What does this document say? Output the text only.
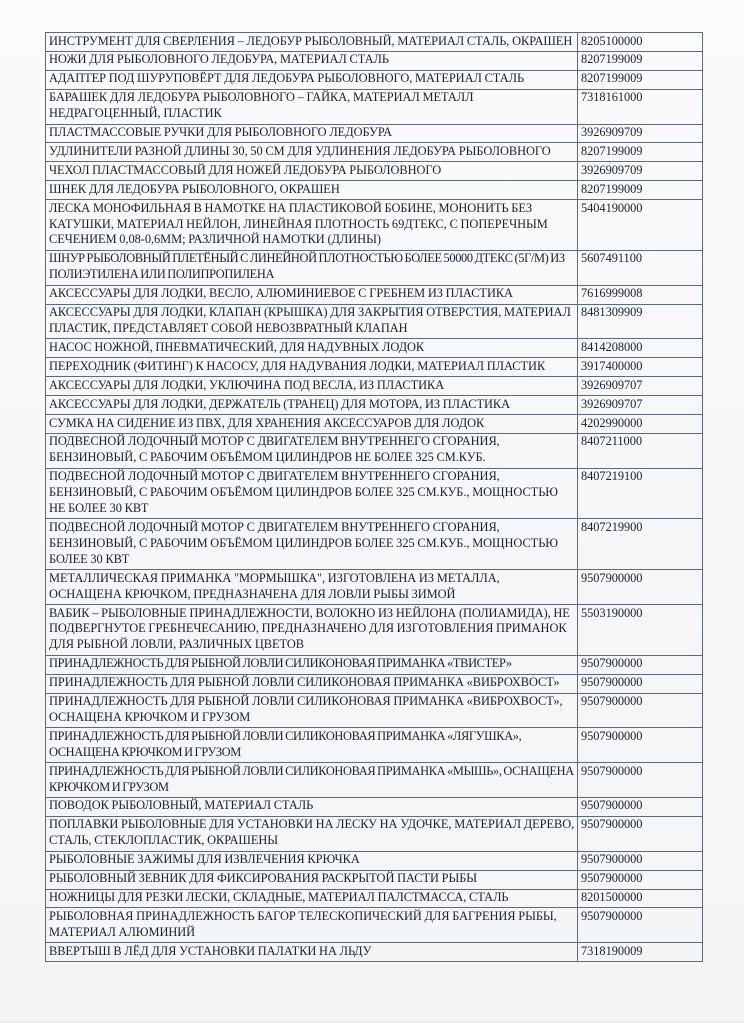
ИНСТРУМЕНТ ДЛЯ СВЕРЛЕНИЯ – ЛЕДОБУР РЫБОЛОВНЫЙ, МАТЕРИАЛ СТАЛЬ, ОКРАШЕН	8205100000
НОЖИ ДЛЯ РЫБОЛОВНОГО ЛЕДОБУРА, МАТЕРИАЛ СТАЛЬ	8207199009
АДАПТЕР ПОД ШУРУПОВЁРТ ДЛЯ ЛЕДОБУРА РЫБОЛОВНОГО, МАТЕРИАЛ СТАЛЬ	8207199009
БАРАШЕК ДЛЯ ЛЕДОБУРА РЫБОЛОВНОГО – ГАЙКА, МАТЕРИАЛ МЕТАЛЛ НЕДРАГОЦЕННЫЙ, ПЛАСТИК	7318161000
ПЛАСТМАССОВЫЕ РУЧКИ ДЛЯ РЫБОЛОВНОГО ЛЕДОБУРА	3926909709
УДЛИНИТЕЛИ РАЗНОЙ ДЛИНЫ 30, 50 СМ ДЛЯ УДЛИНЕНИЯ ЛЕДОБУРА РЫБОЛОВНОГО	8207199009
ЧЕХОЛ ПЛАСТМАССОВЫЙ ДЛЯ НОЖЕЙ ЛЕДОБУРА РЫБОЛОВНОГО	3926909709
ШНЕК ДЛЯ ЛЕДОБУРА РЫБОЛОВНОГО, ОКРАШЕН	8207199009
ЛЕСКА МОНОФИЛЬНАЯ В НАМОТКЕ НА ПЛАСТИКОВОЙ БОБИНЕ, МОНОНИТЬ БЕЗ КАТУШКИ, МАТЕРИАЛ НЕЙЛОН, ЛИНЕЙНАЯ ПЛОТНОСТЬ 69ДТЕКС, С ПОПЕРЕЧНЫМ СЕЧЕНИЕМ 0,08-0,6ММ; РАЗЛИЧНОЙ НАМОТКИ (ДЛИНЫ)	5404190000
ШНУР РЫБОЛОВНЫЙ ПЛЕТЁНЫЙ С ЛИНЕЙНОЙ ПЛОТНОСТЬЮ БОЛЕЕ 50000 ДТЕКС (5Г/М) ИЗ ПОЛИЭТИЛЕНА ИЛИ ПОЛИПРОПИЛЕНА	5607491100
АКСЕССУАРЫ ДЛЯ ЛОДКИ, ВЕСЛО, АЛЮМИНИЕВОЕ С ГРЕБНЕМ ИЗ ПЛАСТИКА	7616999008
АКСЕССУАРЫ ДЛЯ ЛОДКИ, КЛАПАН (КРЫШКА) ДЛЯ ЗАКРЫТИЯ ОТВЕРСТИЯ, МАТЕРИАЛ ПЛАСТИК, ПРЕДСТАВЛЯЕТ СОБОЙ НЕВОЗВРАТНЫЙ КЛАПАН	8481309909
НАСОС НОЖНОЙ, ПНЕВМАТИЧЕСКИЙ, ДЛЯ НАДУВНЫХ ЛОДОК	8414208000
ПЕРЕХОДНИК (ФИТИНГ) К НАСОСУ, ДЛЯ НАДУВАНИЯ ЛОДКИ, МАТЕРИАЛ ПЛАСТИК	3917400000
АКСЕССУАРЫ ДЛЯ ЛОДКИ, УКЛЮЧИНА ПОД ВЕСЛА, ИЗ ПЛАСТИКА	3926909707
АКСЕССУАРЫ ДЛЯ ЛОДКИ, ДЕРЖАТЕЛЬ (ТРАНЕЦ) ДЛЯ МОТОРА, ИЗ ПЛАСТИКА	3926909707
СУМКА НА СИДЕНИЕ ИЗ ПВХ, ДЛЯ ХРАНЕНИЯ АКСЕССУАРОВ ДЛЯ ЛОДОК	4202990000
ПОДВЕСНОЙ ЛОДОЧНЫЙ МОТОР С ДВИГАТЕЛЕМ ВНУТРЕННЕГО СГОРАНИЯ, БЕНЗИНОВЫЙ, С РАБОЧИМ ОБЪЁМОМ ЦИЛИНДРОВ НЕ БОЛЕЕ 325 СМ.КУБ.	8407211000
ПОДВЕСНОЙ ЛОДОЧНЫЙ МОТОР С ДВИГАТЕЛЕМ ВНУТРЕННЕГО СГОРАНИЯ, БЕНЗИНОВЫЙ, С РАБОЧИМ ОБЪЁМОМ ЦИЛИНДРОВ БОЛЕЕ 325 СМ.КУБ., МОЩНОСТЬЮ НЕ БОЛЕЕ 30 КВТ	8407219100
ПОДВЕСНОЙ ЛОДОЧНЫЙ МОТОР С ДВИГАТЕЛЕМ ВНУТРЕННЕГО СГОРАНИЯ, БЕНЗИНОВЫЙ, С РАБОЧИМ ОБЪЁМОМ ЦИЛИНДРОВ БОЛЕЕ 325 СМ.КУБ., МОЩНОСТЬЮ БОЛЕЕ 30 КВТ	8407219900
МЕТАЛЛИЧЕСКАЯ ПРИМАНКА "МОРМЫШКА", ИЗГОТОВЛЕНА ИЗ МЕТАЛЛА, ОСНАЩЕНА КРЮЧКОМ, ПРЕДНАЗНАЧЕНА ДЛЯ ЛОВЛИ РЫБЫ ЗИМОЙ	9507900000
ВАБИК – РЫБОЛОВНЫЕ ПРИНАДЛЕЖНОСТИ, ВОЛОКНО ИЗ НЕЙЛОНА (ПОЛИАМИДА), НЕ ПОДВЕРГНУТОЕ ГРЕБНЕЧЕСАНИЮ, ПРЕДНАЗНАЧЕНО ДЛЯ ИЗГОТОВЛЕНИЯ ПРИМАНОК ДЛЯ РЫБНОЙ ЛОВЛИ, РАЗЛИЧНЫХ ЦВЕТОВ	5503190000
ПРИНАДЛЕЖНОСТЬ ДЛЯ РЫБНОЙ ЛОВЛИ СИЛИКОНОВАЯ ПРИМАНКА «ТВИСТЕР»	9507900000
ПРИНАДЛЕЖНОСТЬ ДЛЯ РЫБНОЙ ЛОВЛИ СИЛИКОНОВАЯ ПРИМАНКА «ВИБРОХВОСТ»	9507900000
ПРИНАДЛЕЖНОСТЬ ДЛЯ РЫБНОЙ ЛОВЛИ СИЛИКОНОВАЯ ПРИМАНКА «ВИБРОХВОСТ», ОСНАЩЕНА КРЮЧКОМ И ГРУЗОМ	9507900000
ПРИНАДЛЕЖНОСТЬ ДЛЯ РЫБНОЙ ЛОВЛИ СИЛИКОНОВАЯ ПРИМАНКА «ЛЯГУШКА», ОСНАЩЕНА КРЮЧКОМ И ГРУЗОМ	9507900000
ПРИНАДЛЕЖНОСТЬ ДЛЯ РЫБНОЙ ЛОВЛИ СИЛИКОНОВАЯ ПРИМАНКА «МЫШЬ», ОСНАЩЕНА КРЮЧКОМ И ГРУЗОМ	9507900000
ПОВОДОК РЫБОЛОВНЫЙ, МАТЕРИАЛ СТАЛЬ	9507900000
ПОПЛАВКИ РЫБОЛОВНЫЕ ДЛЯ УСТАНОВКИ НА ЛЕСКУ НА УДОЧКЕ, МАТЕРИАЛ ДЕРЕВО, СТАЛЬ, СТЕКЛОПЛАСТИК, ОКРАШЕНЫ	9507900000
РЫБОЛОВНЫЕ ЗАЖИМЫ ДЛЯ ИЗВЛЕЧЕНИЯ КРЮЧКА	9507900000
РЫБОЛОВНЫЙ ЗЕВНИК ДЛЯ ФИКСИРОВАНИЯ РАСКРЫТОЙ ПАСТИ РЫБЫ	9507900000
НОЖНИЦЫ ДЛЯ РЕЗКИ ЛЕСКИ, СКЛАДНЫЕ, МАТЕРИАЛ ПАЛСТМАССА, СТАЛЬ	8201500000
РЫБОЛОВНАЯ ПРИНАДЛЕЖНОСТЬ БАГОР ТЕЛЕСКОПИЧЕСКИЙ ДЛЯ БАГРЕНИЯ РЫБЫ, МАТЕРИАЛ АЛЮМИНИЙ	9507900000
ВВЕРТЫШ В ЛЁД ДЛЯ УСТАНОВКИ ПАЛАТКИ НА ЛЬДУ	7318190009
